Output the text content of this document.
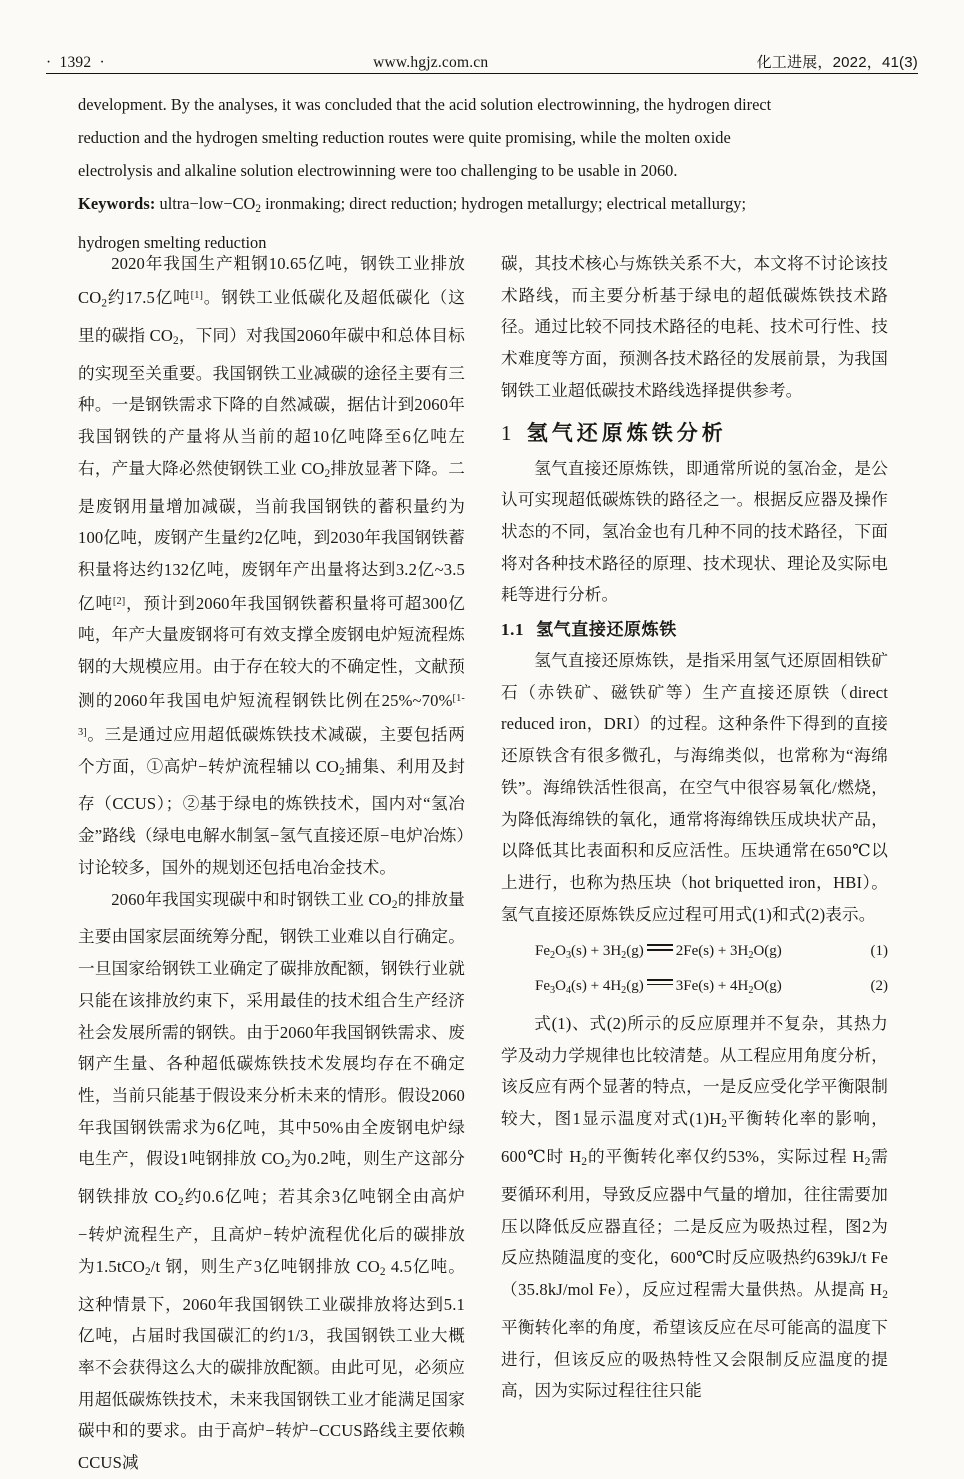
·  1392  ·	www.hgjz.com.cn	化工进展，2022，41(3)

development. By the analyses, it was concluded that the acid solution electrowinning, the hydrogen direct

reduction and the hydrogen smelting reduction routes were quite promising, while the molten oxide

electrolysis and alkaline solution electrowinning were too challenging to be usable in 2060.

Keywords: $ultra-low-CO_2$ ironmaking; direct reduction; hydrogen metallurgy; electrical metallurgy;

hydrogen smelting reduction

2020年我国生产粗钢10.65亿吨，钢铁工业排放 $CO_2$约17.5亿吨[1]。钢铁工业低碳化及超低碳化（这里的碳指 $CO_2$，下同）对我国2060年碳中和总体目标的实现至关重要。我国钢铁工业减碳的途径主要有三种。一是钢铁需求下降的自然减碳，据估计到2060年我国钢铁的产量将从当前的超10亿吨降至6亿吨左右，产量大降必然使钢铁工业 $CO_2$排放显著下降。二是废钢用量增加减碳，当前我国钢铁的蓄积量约为100亿吨，废钢产生量约2亿吨，到2030年我国钢铁蓄积量将达约132亿吨，废钢年产出量将达到3.2亿~3.5亿吨[2]，预计到2060年我国钢铁蓄积量将可超300亿吨，年产大量废钢将可有效支撑全废钢电炉短流程炼钢的大规模应用。由于存在较大的不确定性，文献预测的2060年我国电炉短流程钢铁比例在25%~70%[1-3]。三是通过应用超低碳炼铁技术减碳，主要包括两个方面，①高炉−转炉流程辅以 $CO_2$捕集、利用及封存（CCUS）；②基于绿电的炼铁技术，国内对“氢冶金”路线（绿电电解水制氢−氢气直接还原−电炉冶炼）讨论较多，国外的规划还包括电冶金技术。

2060年我国实现碳中和时钢铁工业 $CO_2$的排放量主要由国家层面统筹分配，钢铁工业难以自行确定。一旦国家给钢铁工业确定了碳排放配额，钢铁行业就只能在该排放约束下，采用最佳的技术组合生产经济社会发展所需的钢铁。由于2060年我国钢铁需求、废钢产生量、各种超低碳炼铁技术发展均存在不确定性，当前只能基于假设来分析未来的情形。假设2060年我国钢铁需求为6亿吨，其中50%由全废钢电炉绿电生产，假设1吨钢排放 $CO_2$为0.2吨，则生产这部分钢铁排放 $CO_2$约0.6亿吨；若其余3亿吨钢全由高炉−转炉流程生产，且高炉−转炉流程优化后的碳排放为1.5tCO$_2$/t 钢，则生产3亿吨钢排放 $CO_2$ 4.5亿吨。这种情景下，2060年我国钢铁工业碳排放将达到5.1亿吨，占届时我国碳汇的约1/3，我国钢铁工业大概率不会获得这么大的碳排放配额。由此可见，必须应用超低碳炼铁技术，未来我国钢铁工业才能满足国家碳中和的要求。由于高炉−转炉−CCUS路线主要依赖 CCUS减

碳，其技术核心与炼铁关系不大，本文将不讨论该技术路线，而主要分析基于绿电的超低碳炼铁技术路径。通过比较不同技术路径的电耗、技术可行性、技术难度等方面，预测各技术路径的发展前景，为我国钢铁工业超低碳技术路线选择提供参考。

1 氢气还原炼铁分析

氢气直接还原炼铁，即通常所说的氢冶金，是公认可实现超低碳炼铁的路径之一。根据反应器及操作状态的不同，氢冶金也有几种不同的技术路径，下面将对各种技术路径的原理、技术现状、理论及实际电耗等进行分析。

1.1 氢气直接还原炼铁

氢气直接还原炼铁，是指采用氢气还原固相铁矿石（赤铁矿、磁铁矿等）生产直接还原铁（direct reduced iron，DRI）的过程。这种条件下得到的直接还原铁含有很多微孔，与海绵类似，也常称为“海绵铁”。海绵铁活性很高，在空气中很容易氧化/燃烧，为降低海绵铁的氧化，通常将海绵铁压成块状产品，以降低其比表面积和反应活性。压块通常在650℃以上进行，也称为热压块（hot briquetted iron，HBI）。氢气直接还原炼铁反应过程可用式(1)和式(2)表示。

$Fe_2O_3(s) + 3H_2(g) 2Fe(s) + 3H_2O(g)$	(1)
$Fe_3O_4(s) + 4H_2(g) 3Fe(s) + 4H_2O(g)$	(2)

式(1)、式(2)所示的反应原理并不复杂，其热力学及动力学规律也比较清楚。从工程应用角度分析，该反应有两个显著的特点，一是反应受化学平衡限制较大，图1显示温度对式$(1)H_2$平衡转化率的影响，600℃时 $H_2$的平衡转化率仅约53%，实际过程 $H_2$需要循环利用，导致反应器中气量的增加，往往需要加压以降低反应器直径；二是反应为吸热过程，图2为反应热随温度的变化，600℃时反应吸热约639kJ/t Fe（35.8kJ/mol Fe），反应过程需大量供热。从提高 $H_2$平衡转化率的角度，希望该反应在尽可能高的温度下进行，但该反应的吸热特性又会限制反应温度的提高，因为实际过程往往只能
